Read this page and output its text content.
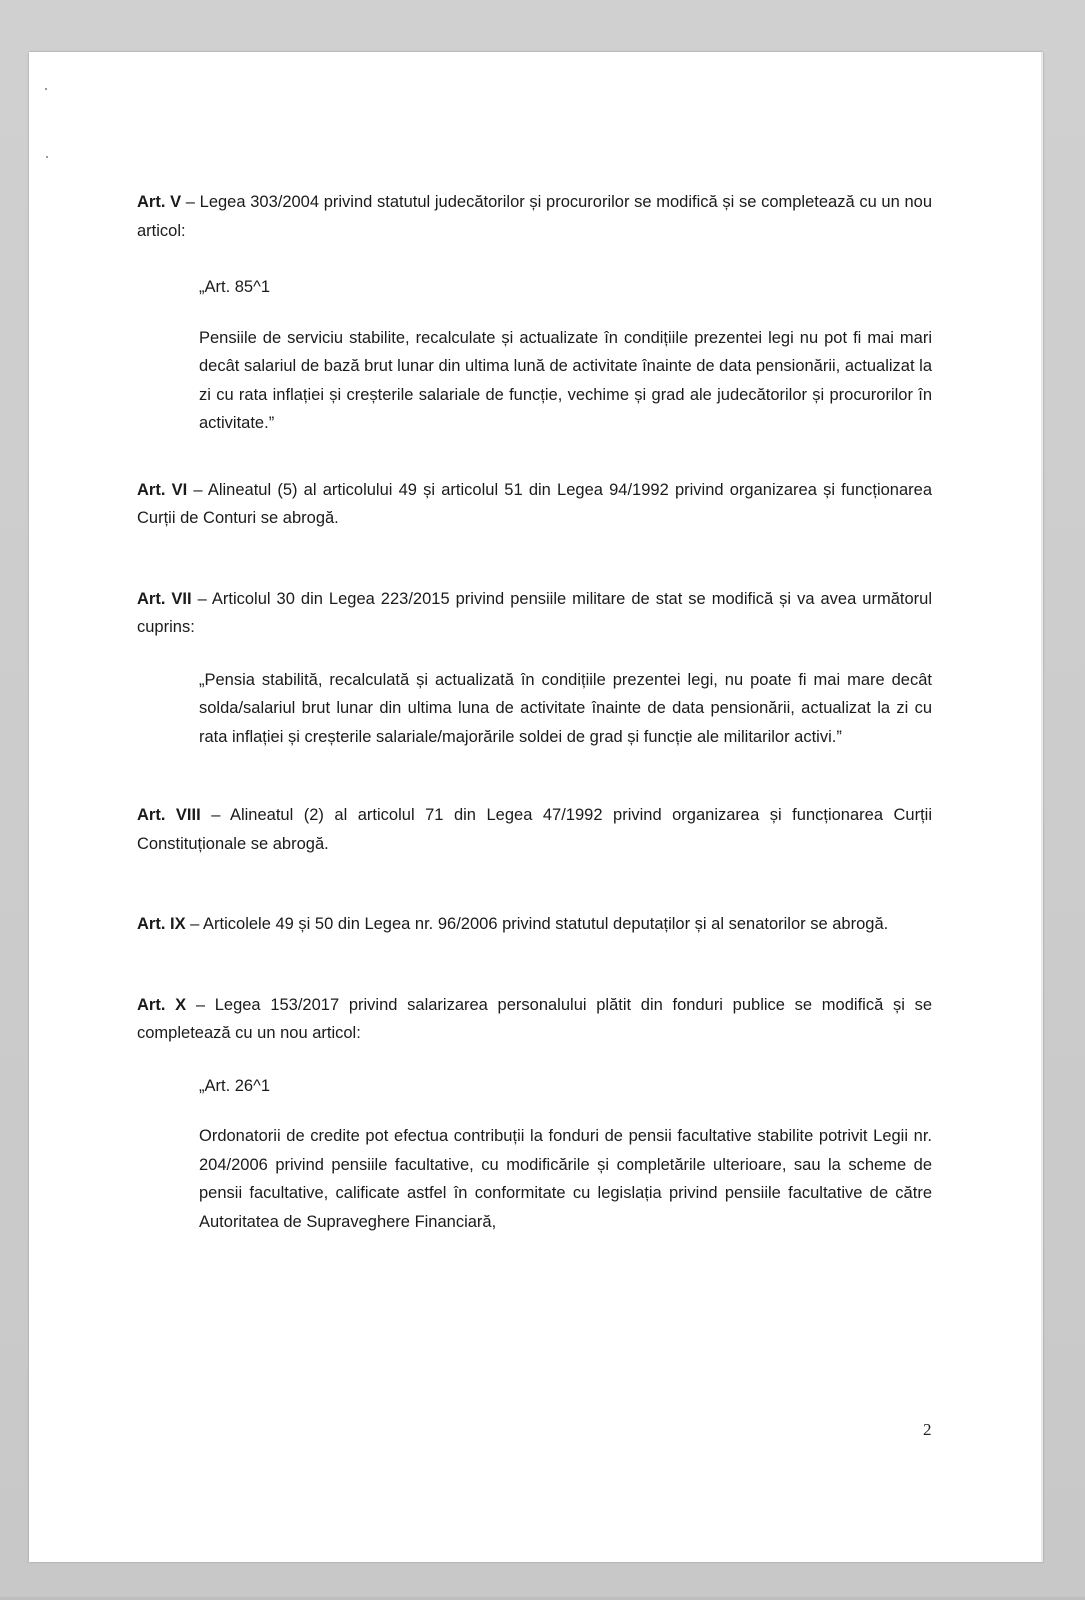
Art. V – Legea 303/2004 privind statutul judecătorilor și procurorilor se modifică și se completează cu un nou articol:

„Art. 85^1

Pensiile de serviciu stabilite, recalculate și actualizate în condițiile prezentei legi nu pot fi mai mari decât salariul de bază brut lunar din ultima lună de activitate înainte de data pensionării, actualizat la zi cu rata inflației și creșterile salariale de funcție, vechime și grad ale judecătorilor și procurorilor în activitate.”

Art. VI – Alineatul (5) al articolului 49 și articolul 51 din Legea 94/1992 privind organizarea și funcționarea Curții de Conturi se abrogă.

Art. VII – Articolul 30 din Legea 223/2015 privind pensiile militare de stat se modifică și va avea următorul cuprins:

„Pensia stabilită, recalculată și actualizată în condițiile prezentei legi, nu poate fi mai mare decât solda/salariul brut lunar din ultima luna de activitate înainte de data pensionării, actualizat la zi cu rata inflației și creșterile salariale/majorările soldei de grad și funcție ale militarilor activi.”

Art. VIII – Alineatul (2) al articolul 71 din Legea 47/1992 privind organizarea și funcționarea Curții Constituționale se abrogă.

Art. IX – Articolele 49 și 50 din Legea nr. 96/2006 privind statutul deputaților și al senatorilor se abrogă.

Art. X – Legea 153/2017 privind salarizarea personalului plătit din fonduri publice se modifică și se completează cu un nou articol:

„Art. 26^1

Ordonatorii de credite pot efectua contribuții la fonduri de pensii facultative stabilite potrivit Legii nr. 204/2006 privind pensiile facultative, cu modificările și completările ulterioare, sau la scheme de pensii facultative, calificate astfel în conformitate cu legislația privind pensiile facultative de către Autoritatea de Supraveghere Financiară,

2
